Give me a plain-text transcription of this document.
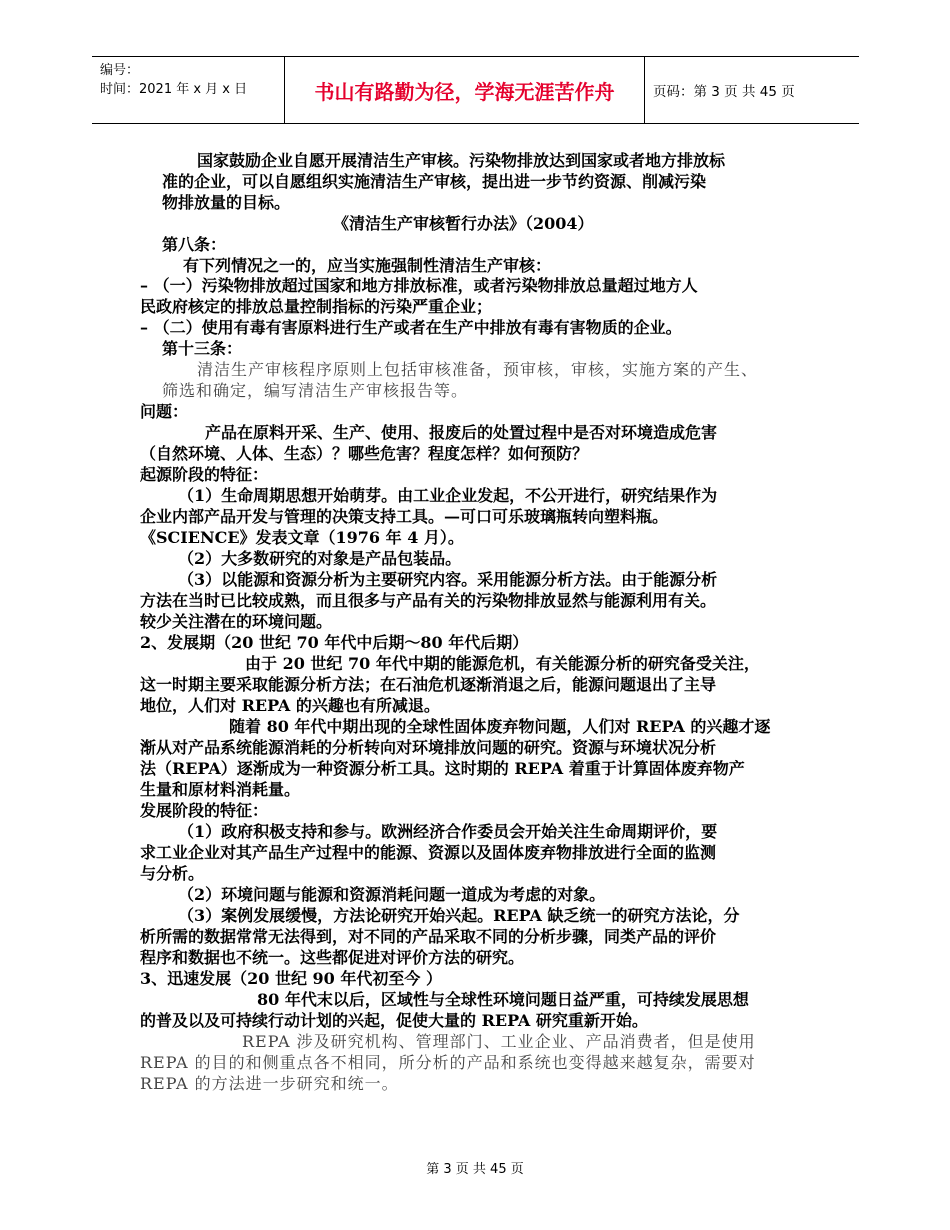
编号：
时间：2021 年 x 月 x 日	书山有路勤为径，学海无涯苦作舟	页码：第 3 页 共 45 页
国家鼓励企业自愿开展清洁生产审核。污染物排放达到国家或者地方排放标
准的企业，可以自愿组织实施清洁生产审核，提出进一步节约资源、削减污染
物排放量的目标。
《清洁生产审核暂行办法》（2004）
第八条：
有下列情况之一的，应当实施强制性清洁生产审核：
– （一）污染物排放超过国家和地方排放标准，或者污染物排放总量超过地方人
民政府核定的排放总量控制指标的污染严重企业；
– （二）使用有毒有害原料进行生产或者在生产中排放有毒有害物质的企业。
第十三条：
清洁生产审核程序原则上包括审核准备，预审核，审核，实施方案的产生、
筛选和确定，编写清洁生产审核报告等。
问题：
产品在原料开采、生产、使用、报废后的处置过程中是否对环境造成危害
（自然环境、人体、生态）？哪些危害？程度怎样？如何预防？
起源阶段的特征：
（1）生命周期思想开始萌芽。由工业企业发起，不公开进行，研究结果作为
企业内部产品开发与管理的决策支持工具。—可口可乐玻璃瓶转向塑料瓶。
《SCIENCE》发表文章（1976 年 4 月）。
（2）大多数研究的对象是产品包装品。
（3）以能源和资源分析为主要研究内容。采用能源分析方法。由于能源分析
方法在当时已比较成熟，而且很多与产品有关的污染物排放显然与能源利用有关。
较少关注潜在的环境问题。
2、发展期（20 世纪 70 年代中后期～80 年代后期）
由于 20 世纪 70 年代中期的能源危机，有关能源分析的研究备受关注，
这一时期主要采取能源分析方法；在石油危机逐渐消退之后，能源问题退出了主导
地位，人们对 REPA 的兴趣也有所减退。
随着 80 年代中期出现的全球性固体废弃物问题，人们对 REPA 的兴趣才逐
渐从对产品系统能源消耗的分析转向对环境排放问题的研究。资源与环境状况分析
法（REPA）逐渐成为一种资源分析工具。这时期的 REPA 着重于计算固体废弃物产
生量和原材料消耗量。
发展阶段的特征：
（1）政府积极支持和参与。欧洲经济合作委员会开始关注生命周期评价，要
求工业企业对其产品生产过程中的能源、资源以及固体废弃物排放进行全面的监测
与分析。
（2）环境问题与能源和资源消耗问题一道成为考虑的对象。
（3）案例发展缓慢，方法论研究开始兴起。REPA 缺乏统一的研究方法论，分
析所需的数据常常无法得到，对不同的产品采取不同的分析步骤，同类产品的评价
程序和数据也不统一。这些都促进对评价方法的研究。
3、迅速发展（20 世纪 90 年代初至今 ）
80 年代末以后，区域性与全球性环境问题日益严重，可持续发展思想
的普及以及可持续行动计划的兴起，促使大量的 REPA 研究重新开始。
REPA 涉及研究机构、管理部门、工业企业、产品消费者，但是使用
REPA 的目的和侧重点各不相同，所分析的产品和系统也变得越来越复杂，需要对
REPA 的方法进一步研究和统一。
第 3 页 共 45 页
